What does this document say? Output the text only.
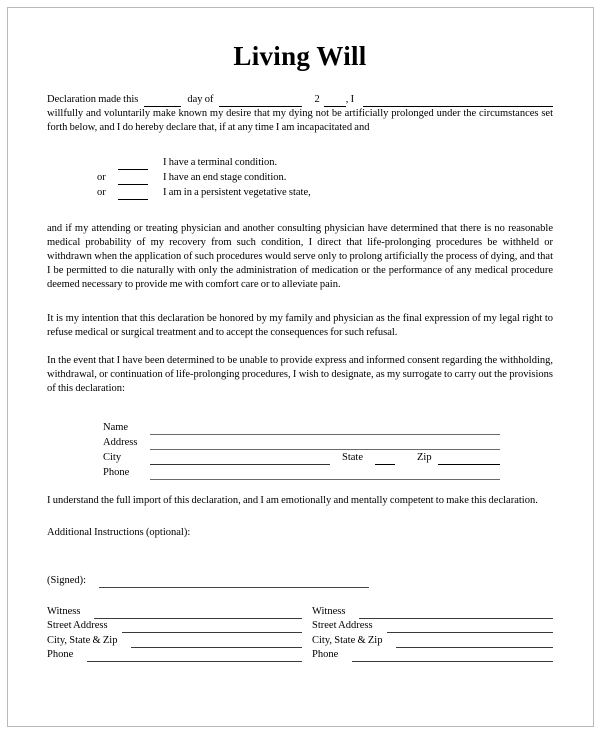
Living Will
Declaration made this	day of	2 , I
willfully and voluntarily make known my desire that my dying not be artificially prolonged under the circumstances set forth below, and I do hereby declare that, if at any time I am incapacitated and
I have a terminal condition.
or	I have an end stage condition.
or	I am in a persistent vegetative state,
and if my attending or treating physician and another consulting physician have determined that there is no reasonable medical probability of my recovery from such condition, I direct that life-prolonging procedures be withheld or withdrawn when the application of such procedures would serve only to prolong artificially the process of dying, and that I be permitted to die naturally with only the administration of medication or the performance of any medical procedure deemed necessary to provide me with comfort care or to alleviate pain.
It is my intention that this declaration be honored by my family and physician as the final expression of my legal right to refuse medical or surgical treatment and to accept the consequences for such refusal.
In the event that I have been determined to be unable to provide express and informed consent regarding the withholding, withdrawal, or continuation of life-prolonging procedures, I wish to designate, as my surrogate to carry out the provisions of this declaration:
Name
Address
City	State	Zip
Phone
I understand the full import of this declaration, and I am emotionally and mentally competent to make this declaration.
Additional Instructions (optional):
(Signed):
Witness
Street Address
City, State & Zip
Phone
Witness
Street Address
City, State & Zip
Phone
